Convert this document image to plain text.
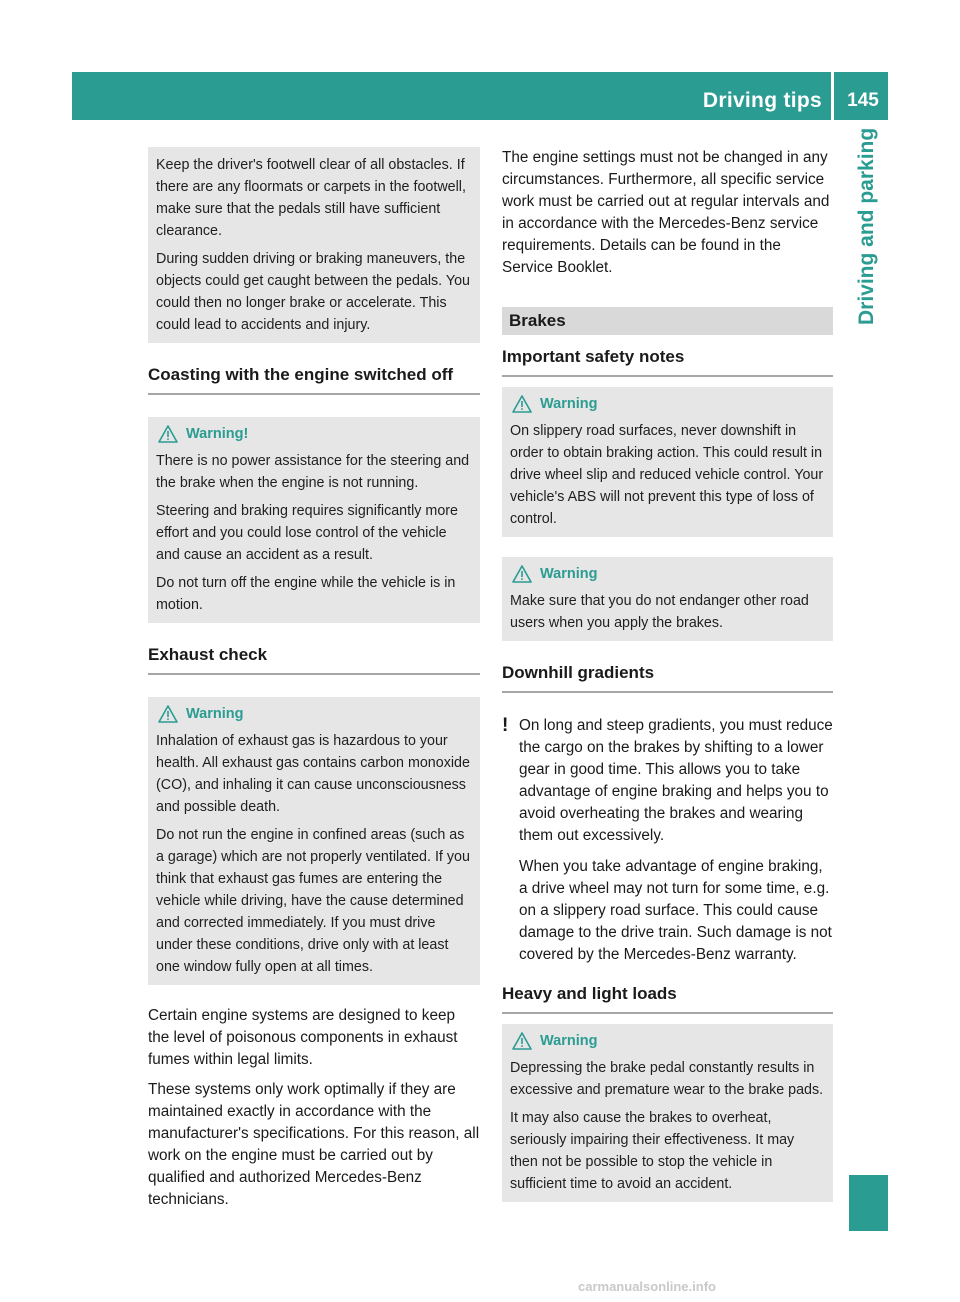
Driving tips	145
Driving and parking

Keep the driver's footwell clear of all obstacles. If there are any floormats or carpets in the footwell, make sure that the pedals still have sufficient clearance.

During sudden driving or braking maneuvers, the objects could get caught between the pedals. You could then no longer brake or accelerate. This could lead to accidents and injury.

Coasting with the engine switched off
Warning!

There is no power assistance for the steering and the brake when the engine is not running.

Steering and braking requires significantly more effort and you could lose control of the vehicle and cause an accident as a result.

Do not turn off the engine while the vehicle is in motion.

Exhaust check
Warning

Inhalation of exhaust gas is hazardous to your health. All exhaust gas contains carbon monoxide (CO), and inhaling it can cause unconsciousness and possible death.

Do not run the engine in confined areas (such as a garage) which are not properly ventilated. If you think that exhaust gas fumes are entering the vehicle while driving, have the cause determined and corrected immediately. If you must drive under these conditions, drive only with at least one window fully open at all times.

Certain engine systems are designed to keep the level of poisonous components in exhaust fumes within legal limits.

These systems only work optimally if they are maintained exactly in accordance with the manufacturer's specifications. For this reason, all work on the engine must be carried out by qualified and authorized Mercedes-Benz technicians.

The engine settings must not be changed in any circumstances. Furthermore, all specific service work must be carried out at regular intervals and in accordance with the Mercedes-Benz service requirements. Details can be found in the Service Booklet.

Brakes
Important safety notes
Warning

On slippery road surfaces, never downshift in order to obtain braking action. This could result in drive wheel slip and reduced vehicle control. Your vehicle's ABS will not prevent this type of loss of control.

Warning

Make sure that you do not endanger other road users when you apply the brakes.

Downhill gradients
! On long and steep gradients, you must reduce the cargo on the brakes by shifting to a lower gear in good time. This allows you to take advantage of engine braking and helps you to avoid overheating the brakes and wearing them out excessively.

When you take advantage of engine braking, a drive wheel may not turn for some time, e.g. on a slippery road surface. This could cause damage to the drive train. Such damage is not covered by the Mercedes-Benz warranty.

Heavy and light loads
Warning

Depressing the brake pedal constantly results in excessive and premature wear to the brake pads.

It may also cause the brakes to overheat, seriously impairing their effectiveness. It may then not be possible to stop the vehicle in sufficient time to avoid an accident.

carmanualsonline.info
